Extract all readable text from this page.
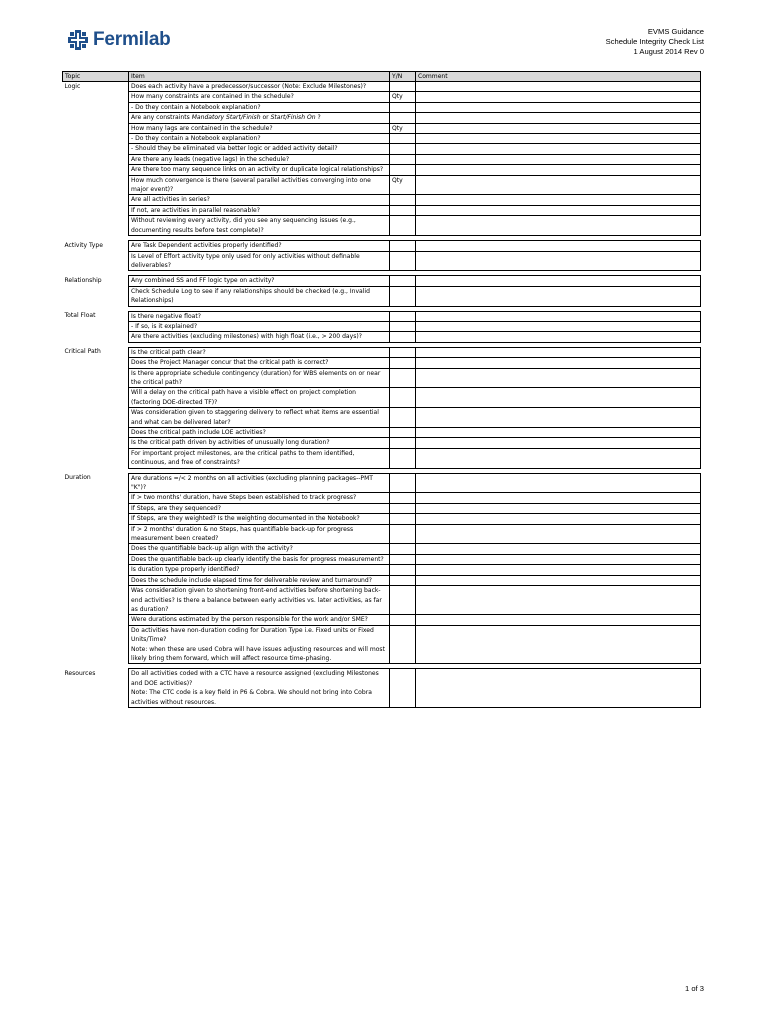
Fermilab	EVMS Guidance
Schedule Integrity Check List
1 August 2014 Rev 0
Topic	Item	Y/N	Comment
Logic	Does each activity have a predecessor/successor (Note: Exclude Milestones)?		

	How many constraints are contained in the schedule?	Qty	

	- Do they contain a Notebook explanation?		

	Are any constraints Mandatory Start/Finish or Start/Finish On ?		

	How many lags are contained in the schedule?	Qty	

	- Do they contain a Notebook explanation?		

	- Should they be eliminated via better logic or added activity detail?		

	Are there any leads (negative lags) in the schedule?		

	Are there too many sequence links on an activity or duplicate logical relationships?		

	How much convergence is there (several parallel activities converging into one major event)?	Qty	

	Are all activities in series?		

	If not, are activities in parallel reasonable?		

	Without reviewing every activity, did you see any sequencing issues (e.g., documenting results before test complete)?		

Activity Type	Are Task Dependent activities properly identified?		

	Is Level of Effort activity type only used for only activities without definable deliverables?		

Relationship	Any combined SS and FF logic type on activity?		

	Check Schedule Log to see if any relationships should be checked (e.g., Invalid Relationships)		

Total Float	Is there negative float?		

	- If so, is it explained?		

	Are there activities (excluding milestones) with high float (i.e., > 200 days)?		

Critical Path	Is the critical path clear?		

	Does the Project Manager concur that the critical path is correct?		

	Is there appropriate schedule contingency (duration) for WBS elements on or near the critical path?		

	Will a delay on the critical path have a visible effect on project completion (factoring DOE-directed TF)?		

	Was consideration given to staggering delivery to reflect what items are essential and what can be delivered later?		

	Does the critical path include LOE activities?		

	Is the critical path driven by activities of unusually long duration?		

	For important project milestones, are the critical paths to them identified, continuous, and free of constraints?		

Duration	Are durations =/< 2 months on all activities (excluding planning packages--PMT "K")?		

	If > two months' duration, have Steps been established to track progress?		

	If Steps, are they sequenced?		

	If Steps, are they weighted? Is the weighting documented in the Notebook?		

	If > 2 months' duration & no Steps, has quantifiable back-up for progress measurement been created?		

	Does the quantifiable back-up align with the activity?		

	Does the quantifiable back-up clearly identify the basis for progress measurement?		

	Is duration type properly identified?		

	Does the schedule include elapsed time for deliverable review and turnaround?		

	Was consideration given to shortening front-end activities before shortening back-end activities? Is there a balance between early activities vs. later activities, as far as duration?		

	Were durations estimated by the person responsible for the work and/or SME?		

	Do activities have non-duration coding for Duration Type i.e. Fixed units or Fixed Units/Time?
Note: when these are used Cobra will have issues adjusting resources and will most likely bring them forward, which will affect resource time-phasing.		

Resources	Do all activities coded with a CTC have a resource assigned (excluding Milestones and DOE activities)?
Note: The CTC code is a key field in P6 & Cobra. We should not bring into Cobra activities without resources.		

1 of 3
